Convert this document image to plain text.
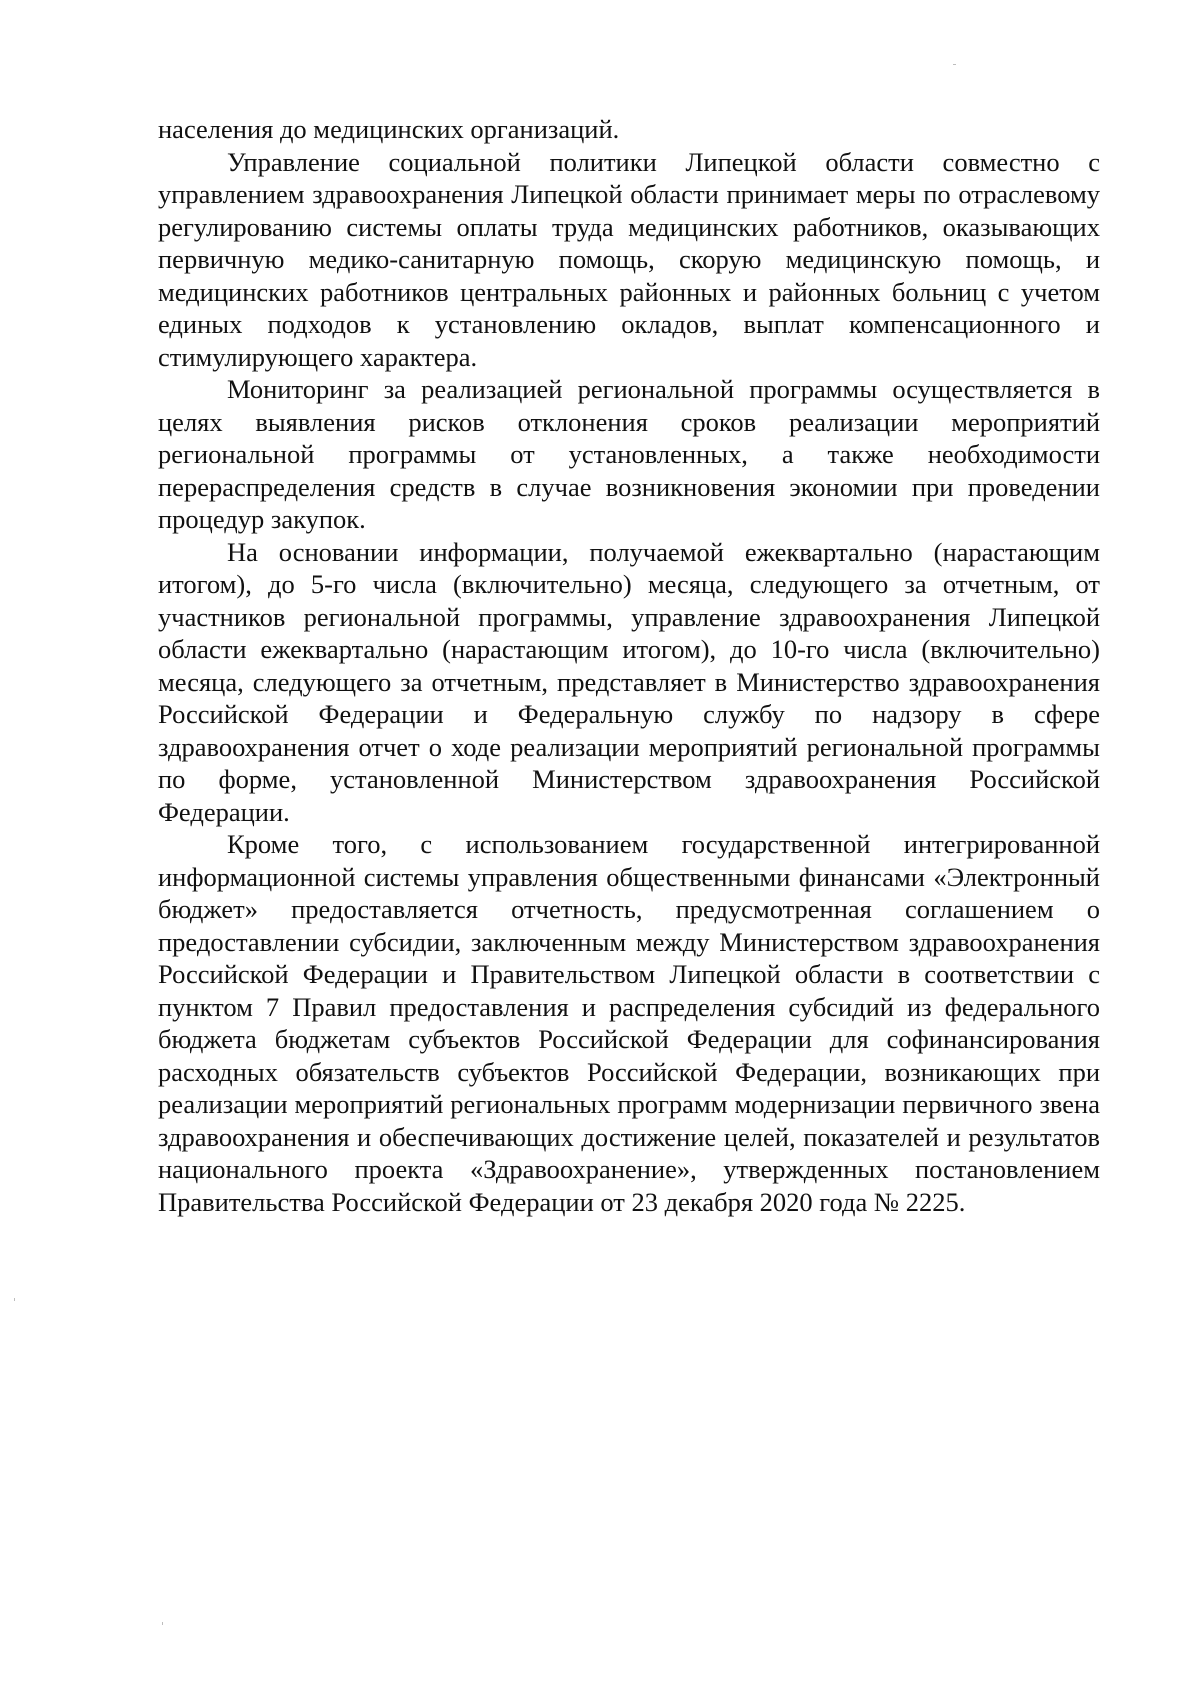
населения до медицинских организаций.

Управление социальной политики Липецкой области совместно с управлением здравоохранения Липецкой области принимает меры по отраслевому регулированию системы оплаты труда медицинских работников, оказывающих первичную медико-санитарную помощь, скорую медицинскую помощь, и медицинских работников центральных районных и районных больниц с учетом единых подходов к установлению окладов, выплат компенсационного и стимулирующего характера.

Мониторинг за реализацией региональной программы осуществляется в целях выявления рисков отклонения сроков реализации мероприятий региональной программы от установленных, а также необходимости перераспределения средств в случае возникновения экономии при проведении процедур закупок.

На основании информации, получаемой ежеквартально (нарастающим итогом), до 5-го числа (включительно) месяца, следующего за отчетным, от участников региональной программы, управление здравоохранения Липецкой области ежеквартально (нарастающим итогом), до 10-го числа (включительно) месяца, следующего за отчетным, представляет в Министерство здравоохранения Российской Федерации и Федеральную службу по надзору в сфере здравоохранения отчет о ходе реализации мероприятий региональной программы по форме, установленной Министерством здравоохранения Российской Федерации.

Кроме того, с использованием государственной интегрированной информационной системы управления общественными финансами «Электронный бюджет» предоставляется отчетность, предусмотренная соглашением о предоставлении субсидии, заключенным между Министерством здравоохранения Российской Федерации и Правительством Липецкой области в соответствии с пунктом 7 Правил предоставления и распределения субсидий из федерального бюджета бюджетам субъектов Российской Федерации для софинансирования расходных обязательств субъектов Российской Федерации, возникающих при реализации мероприятий региональных программ модернизации первичного звена здравоохранения и обеспечивающих достижение целей, показателей и результатов национального проекта «Здравоохранение», утвержденных постановлением Правительства Российской Федерации от 23 декабря 2020 года № 2225.
